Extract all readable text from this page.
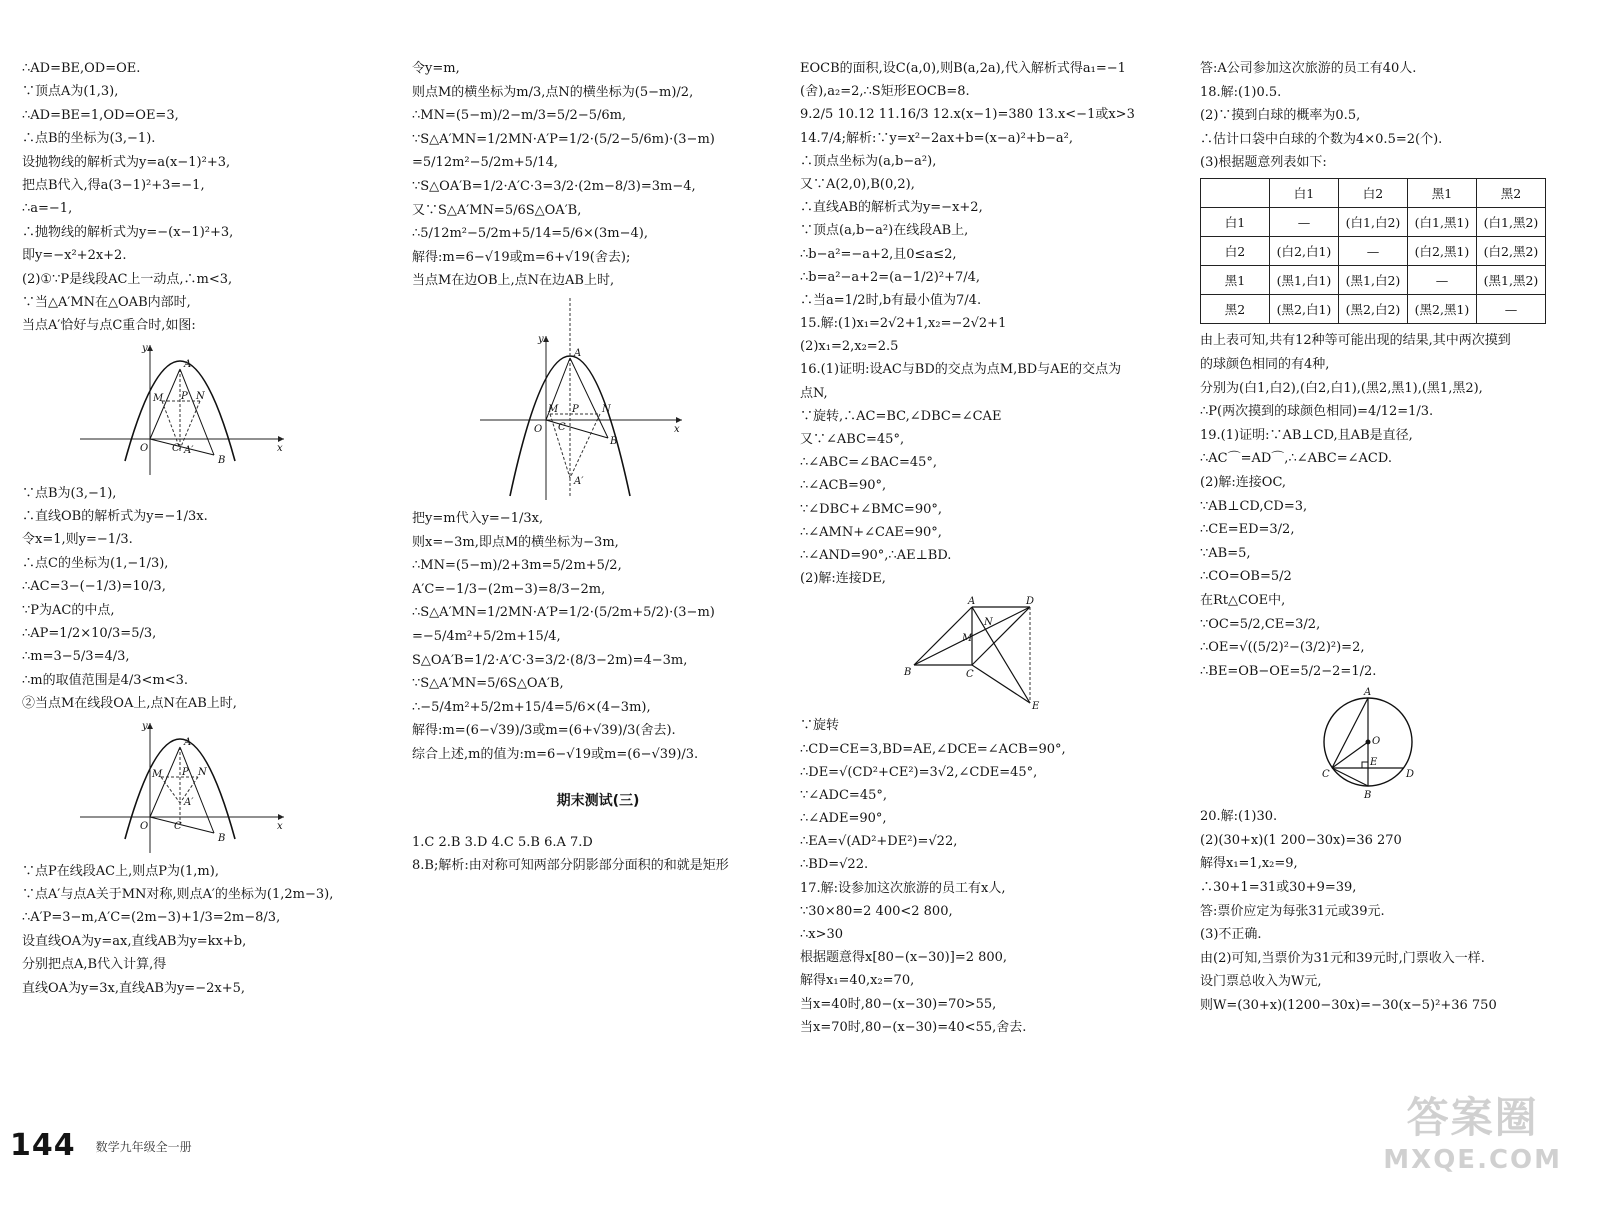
∴AD=BE,OD=OE.
∵顶点A为(1,3),
∴AD=BE=1,OD=OE=3,
∴点B的坐标为(3,−1).
设抛物线的解析式为y=a(x−1)²+3,
把点B代入,得a(3−1)²+3=−1,
∴a=−1,
∴抛物线的解析式为y=−(x−1)²+3,
即y=−x²+2x+2.
(2)①∵P是线段AC上一动点,∴m<3,
∵当△A′MN在△OAB内部时,
当点A′恰好与点C重合时,如图:
y
x
O
A
M P N
C A′
B
∵点B为(3,−1),
∴直线OB的解析式为y=−1/3x.
令x=1,则y=−1/3.
∴点C的坐标为(1,−1/3),
∴AC=3−(−1/3)=10/3,
∵P为AC的中点,
∴AP=1/2×10/3=5/3,
∴m=3−5/3=4/3,
∴m的取值范围是4/3<m<3.
②当点M在线段OA上,点N在AB上时,
y
x
O
A
M P N
C
A′
B
∵点P在线段AC上,则点P为(1,m),
∵点A′与点A关于MN对称,则点A′的坐标为(1,2m−3),
∴A′P=3−m,A′C=(2m−3)+1/3=2m−8/3,
设直线OA为y=ax,直线AB为y=kx+b,
分别把点A,B代入计算,得
直线OA为y=3x,直线AB为y=−2x+5,
令y=m,
则点M的横坐标为m/3,点N的横坐标为(5−m)/2,
∴MN=(5−m)/2−m/3=5/2−5/6m,
∵S△A′MN=1/2MN·A′P=1/2·(5/2−5/6m)·(3−m)
=5/12m²−5/2m+5/14,
∵S△OA′B=1/2·A′C·3=3/2·(2m−8/3)=3m−4,
又∵S△A′MN=5/6S△OA′B,
∴5/12m²−5/2m+5/14=5/6×(3m−4),
解得:m=6−√19或m=6+√19(舍去);
当点M在边OB上,点N在边AB上时,
y
x
O
A
M P N
C
A′
B
把y=m代入y=−1/3x,
则x=−3m,即点M的横坐标为−3m,
∴MN=(5−m)/2+3m=5/2m+5/2,
A′C=−1/3−(2m−3)=8/3−2m,
∴S△A′MN=1/2MN·A′P=1/2·(5/2m+5/2)·(3−m)
=−5/4m²+5/2m+15/4,
S△OA′B=1/2·A′C·3=3/2·(8/3−2m)=4−3m,
∵S△A′MN=5/6S△OA′B,
∴−5/4m²+5/2m+15/4=5/6×(4−3m),
解得:m=(6−√39)/3或m=(6+√39)/3(舍去).
综合上述,m的值为:m=6−√19或m=(6−√39)/3.
期末测试(三)
1.C 2.B 3.D 4.C 5.B 6.A 7.D
8.B;解析:由对称可知两部分阴影部分面积的和就是矩形
EOCB的面积,设C(a,0),则B(a,2a),代入解析式得a₁=−1
(舍),a₂=2,∴S矩形EOCB=8.
9.2/5 10.12 11.16/3 12.x(x−1)=380 13.x<−1或x>3
14.7/4;解析:∵y=x²−2ax+b=(x−a)²+b−a²,
∴顶点坐标为(a,b−a²),
又∵A(2,0),B(0,2),
∴直线AB的解析式为y=−x+2,
∵顶点(a,b−a²)在线段AB上,
∴b−a²=−a+2,且0≤a≤2,
∴b=a²−a+2=(a−1/2)²+7/4,
∴当a=1/2时,b有最小值为7/4.
15.解:(1)x₁=2√2+1,x₂=−2√2+1
(2)x₁=2,x₂=2.5
16.(1)证明:设AC与BD的交点为点M,BD与AE的交点为
点N,
∵旋转,∴AC=BC,∠DBC=∠CAE
又∵∠ABC=45°,
∴∠ABC=∠BAC=45°,
∴∠ACB=90°,
∵∠DBC+∠BMC=90°,
∴∠AMN+∠CAE=90°,
∴∠AND=90°,∴AE⊥BD.
(2)解:连接DE,
A	D
B	C
M
N
E
∵旋转
∴CD=CE=3,BD=AE,∠DCE=∠ACB=90°,
∴DE=√(CD²+CE²)=3√2,∠CDE=45°,
∵∠ADC=45°,
∴∠ADE=90°,
∴EA=√(AD²+DE²)=√22,
∴BD=√22.
17.解:设参加这次旅游的员工有x人,
∵30×80=2 400<2 800,
∴x>30
根据题意得x[80−(x−30)]=2 800,
解得x₁=40,x₂=70,
当x=40时,80−(x−30)=70>55,
当x=70时,80−(x−30)=40<55,舍去.
答:A公司参加这次旅游的员工有40人.
18.解:(1)0.5.
(2)∵摸到白球的概率为0.5,
∴估计口袋中白球的个数为4×0.5=2(个).
(3)根据题意列表如下:
	白1	白2	黑1	黑2
白1	—	(白1,白2)	(白1,黑1)	(白1,黑2)
白2	(白2,白1)	—	(白2,黑1)	(白2,黑2)
黑1	(黑1,白1)	(黑1,白2)	—	(黑1,黑2)
黑2	(黑2,白1)	(黑2,白2)	(黑2,黑1)	—
由上表可知,共有12种等可能出现的结果,其中两次摸到
的球颜色相同的有4种,
分别为(白1,白2),(白2,白1),(黑2,黑1),(黑1,黑2),
∴P(两次摸到的球颜色相同)=4/12=1/3.
19.(1)证明:∵AB⊥CD,且AB是直径,
∴AC⌒=AD⌒,∴∠ABC=∠ACD.
(2)解:连接OC,
∵AB⊥CD,CD=3,
∴CE=ED=3/2,
∵AB=5,
∴CO=OB=5/2
在Rt△COE中,
∵OC=5/2,CE=3/2,
∴OE=√((5/2)²−(3/2)²)=2,
∴BE=OB−OE=5/2−2=1/2.
A
O
C	D
E
B
20.解:(1)30.
(2)(30+x)(1 200−30x)=36 270
解得x₁=1,x₂=9,
∴30+1=31或30+9=39,
答:票价应定为每张31元或39元.
(3)不正确.
由(2)可知,当票价为31元和39元时,门票收入一样.
设门票总收入为W元,
则W=(30+x)(1200−30x)=−30(x−5)²+36 750
144 数学九年级全一册
答案圈
MXQE.COM
